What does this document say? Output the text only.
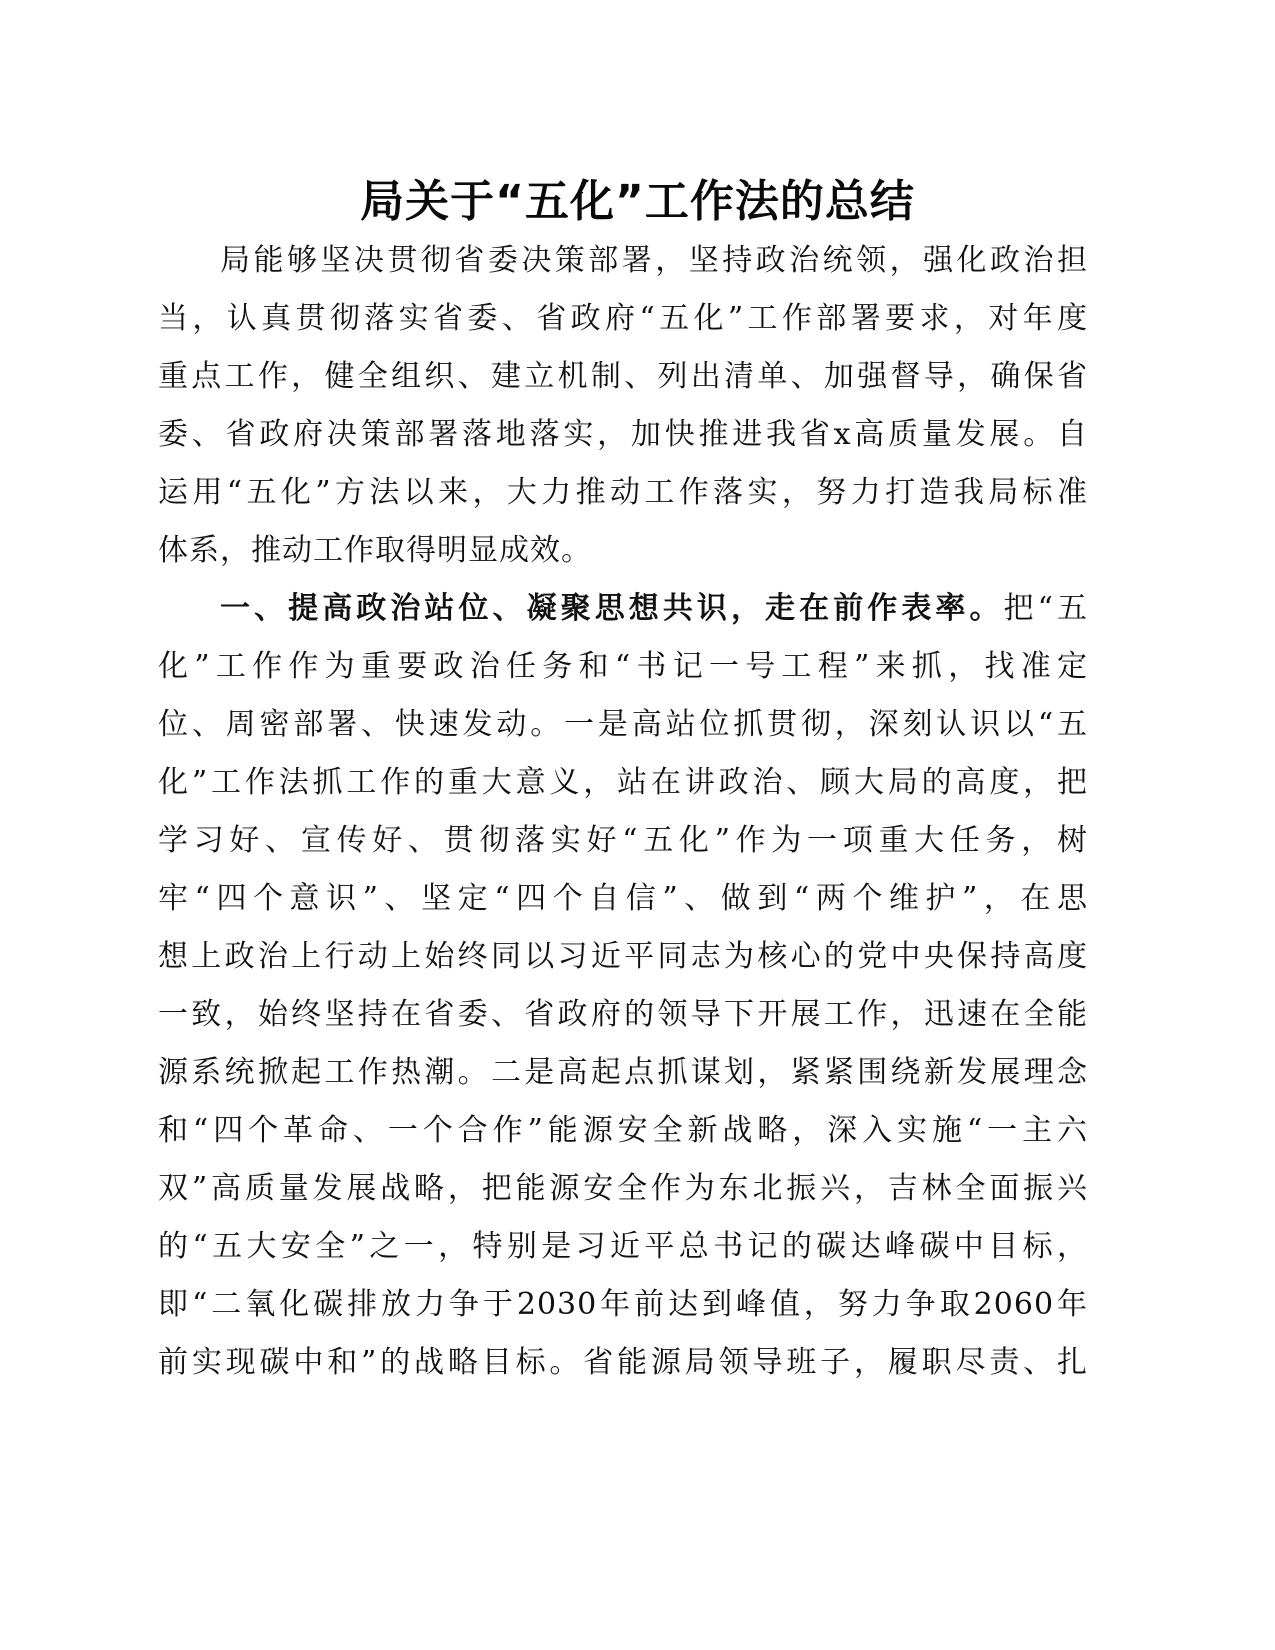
局关于“五化”工作法的总结
局能够坚决贯彻省委决策部署，坚持政治统领，强化政治担
当，认真贯彻落实省委、省政府“五化”工作部署要求，对年度
重点工作，健全组织、建立机制、列出清单、加强督导，确保省
委、省政府决策部署落地落实，加快推进我省x高质量发展。自
运用“五化”方法以来，大力推动工作落实，努力打造我局标准
体系，推动工作取得明显成效。
一、提高政治站位、凝聚思想共识，走在前作表率。把“五
化”工作作为重要政治任务和“书记一号工程”来抓，找准定
位、周密部署、快速发动。一是高站位抓贯彻，深刻认识以“五
化”工作法抓工作的重大意义，站在讲政治、顾大局的高度，把
学习好、宣传好、贯彻落实好“五化”作为一项重大任务，树
牢“四个意识”、坚定“四个自信”、做到“两个维护”，在思
想上政治上行动上始终同以习近平同志为核心的党中央保持高度
一致，始终坚持在省委、省政府的领导下开展工作，迅速在全能
源系统掀起工作热潮。二是高起点抓谋划，紧紧围绕新发展理念
和“四个革命、一个合作”能源安全新战略，深入实施“一主六
双”高质量发展战略，把能源安全作为东北振兴，吉林全面振兴
的“五大安全”之一，特别是习近平总书记的碳达峰碳中目标，
即“二氧化碳排放力争于2030年前达到峰值，努力争取2060年
前实现碳中和”的战略目标。省能源局领导班子，履职尽责、扎
